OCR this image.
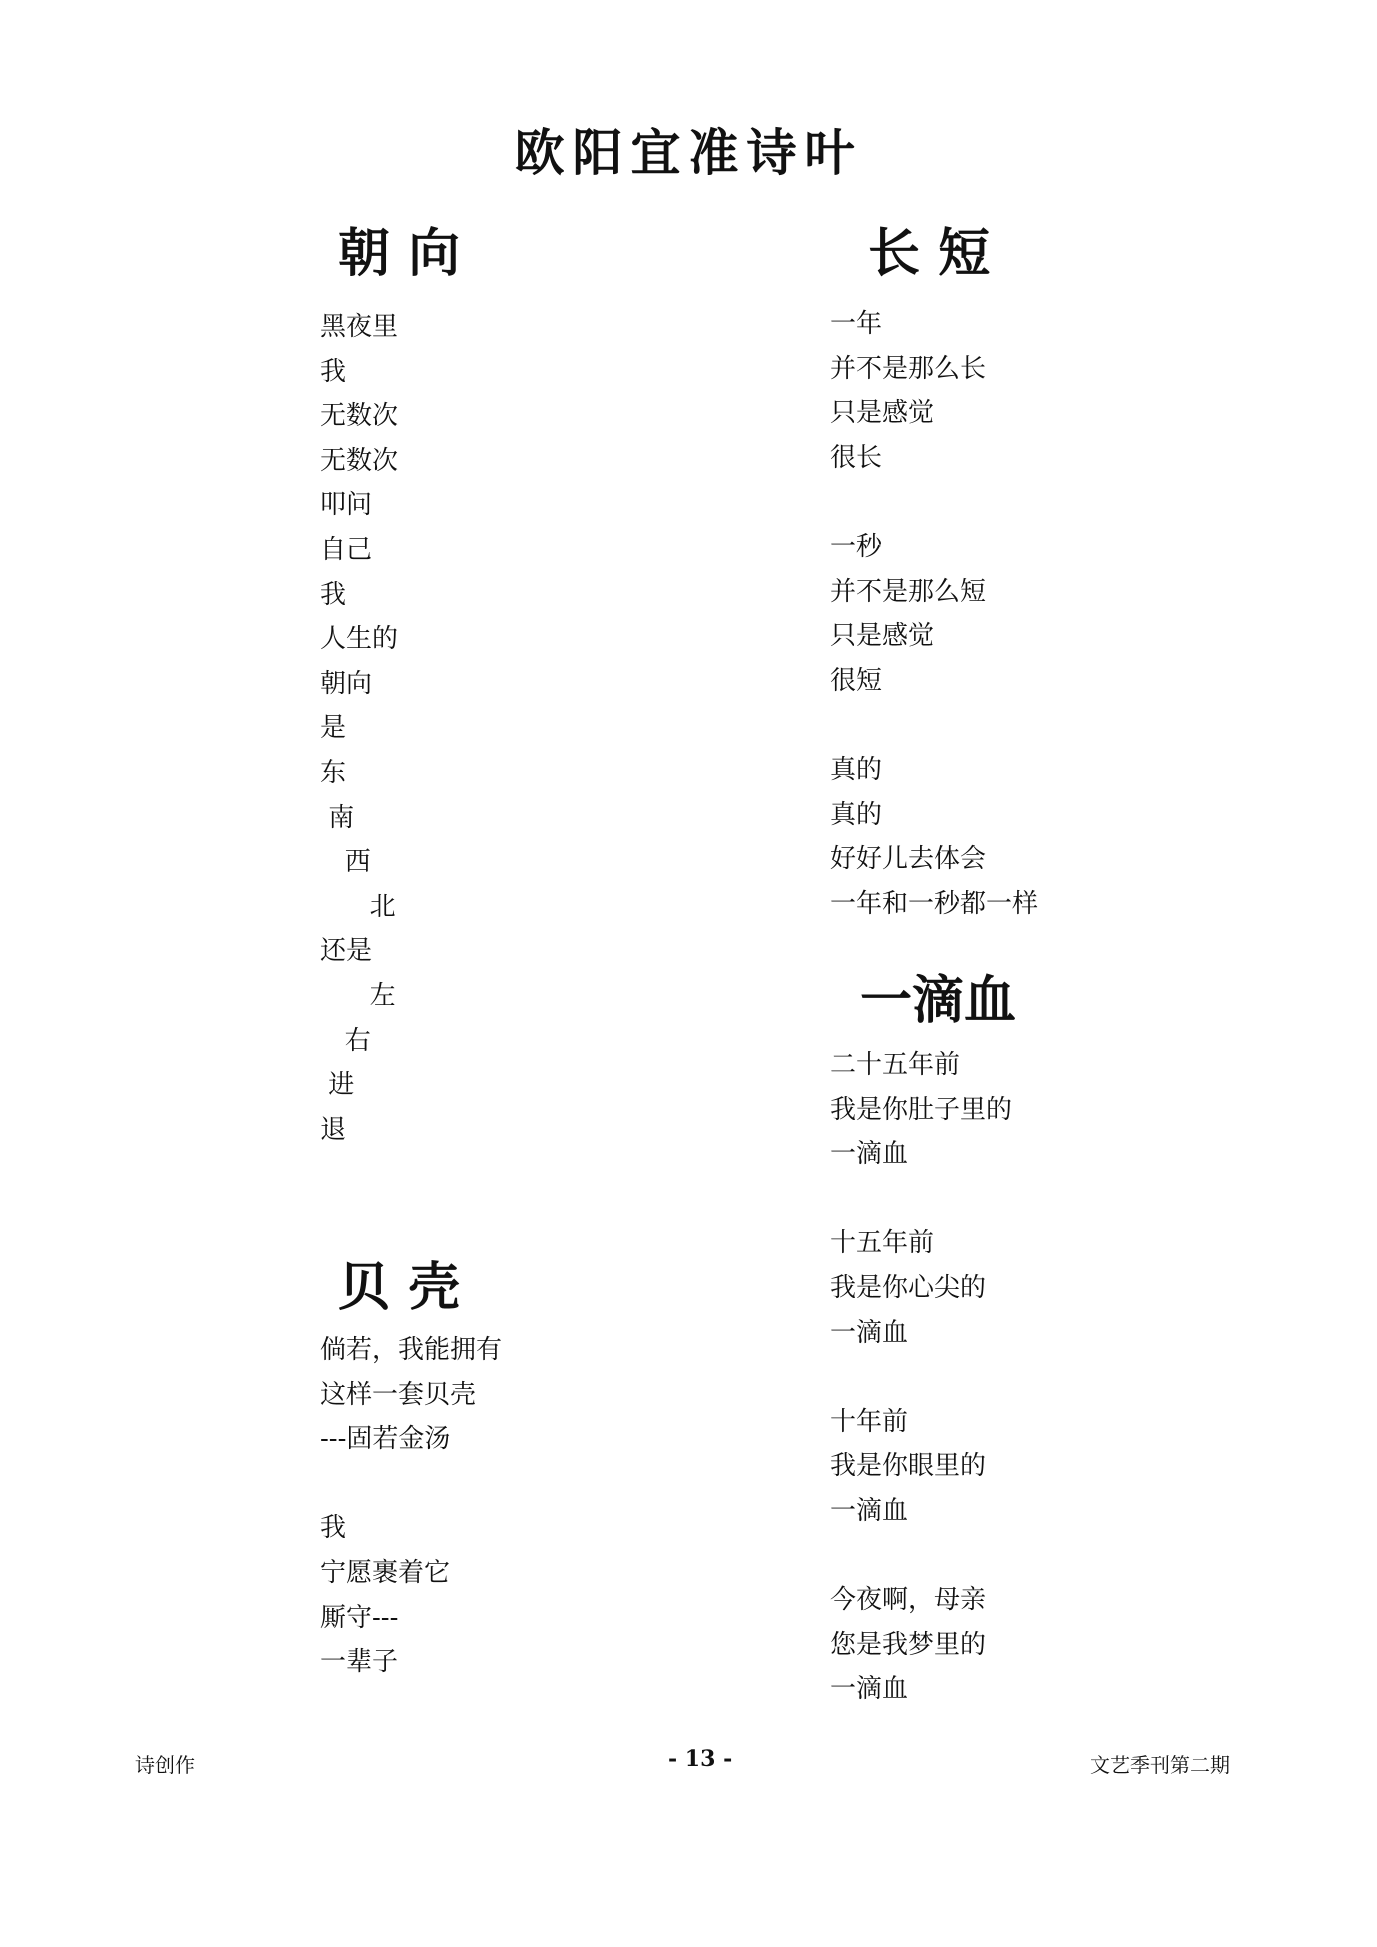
欧阳宜准诗叶
朝 向
黑夜里
我
无数次
无数次
叩问
自己
我
人生的
朝向
是
东
南
西
北
还是
左
右
进
退
贝 壳
倘若，我能拥有
这样一套贝壳
---固若金汤
我
宁愿裹着它
厮守---
一辈子
长 短
一年
并不是那么长
只是感觉
很长
一秒
并不是那么短
只是感觉
很短
真的
真的
好好儿去体会
一年和一秒都一样
一滴血
二十五年前
我是你肚子里的
一滴血
十五年前
我是你心尖的
一滴血
十年前
我是你眼里的
一滴血
今夜啊，母亲
您是我梦里的
一滴血
诗创作	- 13 -	文艺季刊第二期
